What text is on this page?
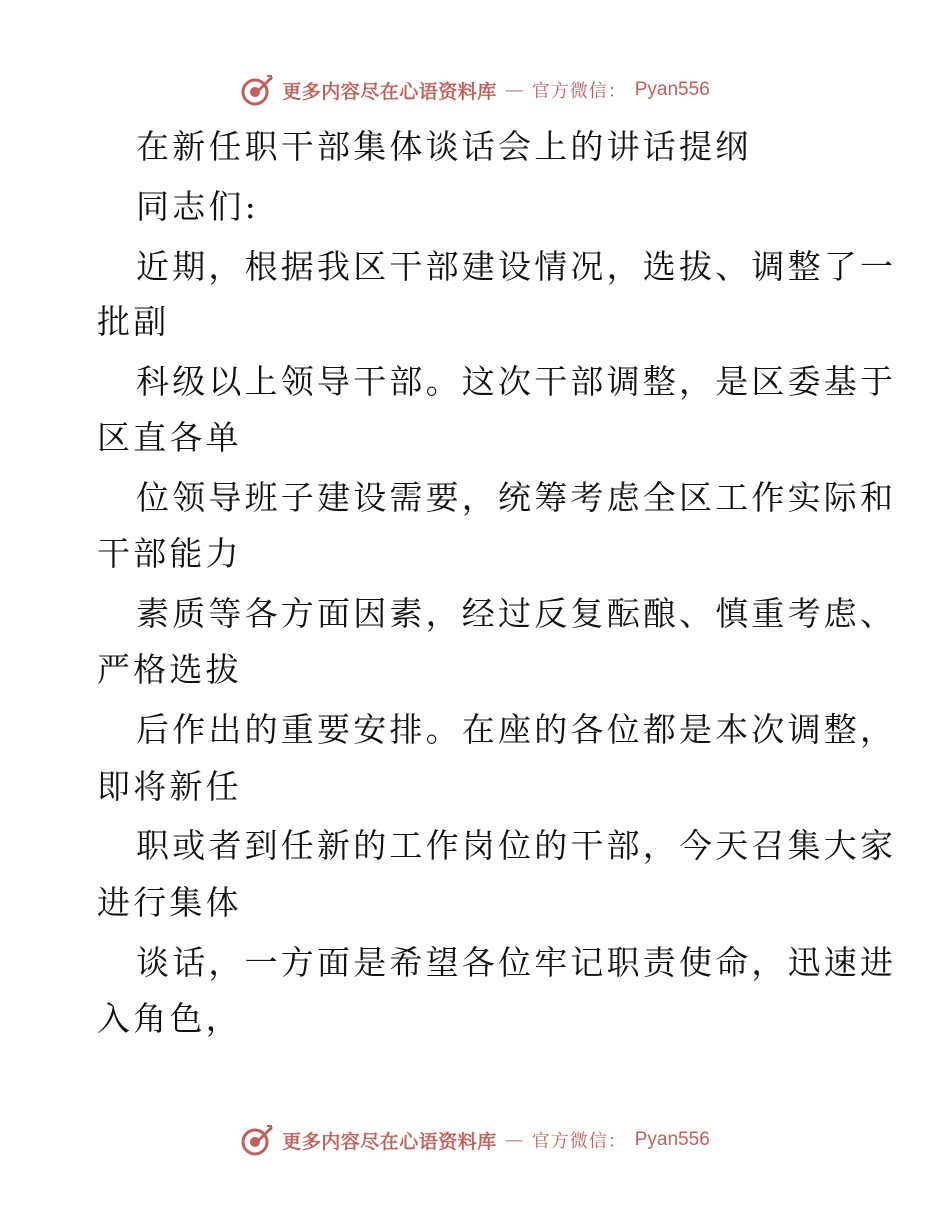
更多内容尽在心语资料库 — 官方微信： Pyan556
在新任职干部集体谈话会上的讲话提纲
同志们:
近期，根据我区干部建设情况，选拔、调整了一
批副
科级以上领导干部。这次干部调整，是区委基于
区直各单
位领导班子建设需要，统筹考虑全区工作实际和
干部能力
素质等各方面因素，经过反复酝酿、慎重考虑、
严格选拔
后作出的重要安排。在座的各位都是本次调整，
即将新任
职或者到任新的工作岗位的干部，今天召集大家
进行集体
谈话，一方面是希望各位牢记职责使命，迅速进
入角色，
更多内容尽在心语资料库 — 官方微信： Pyan556
